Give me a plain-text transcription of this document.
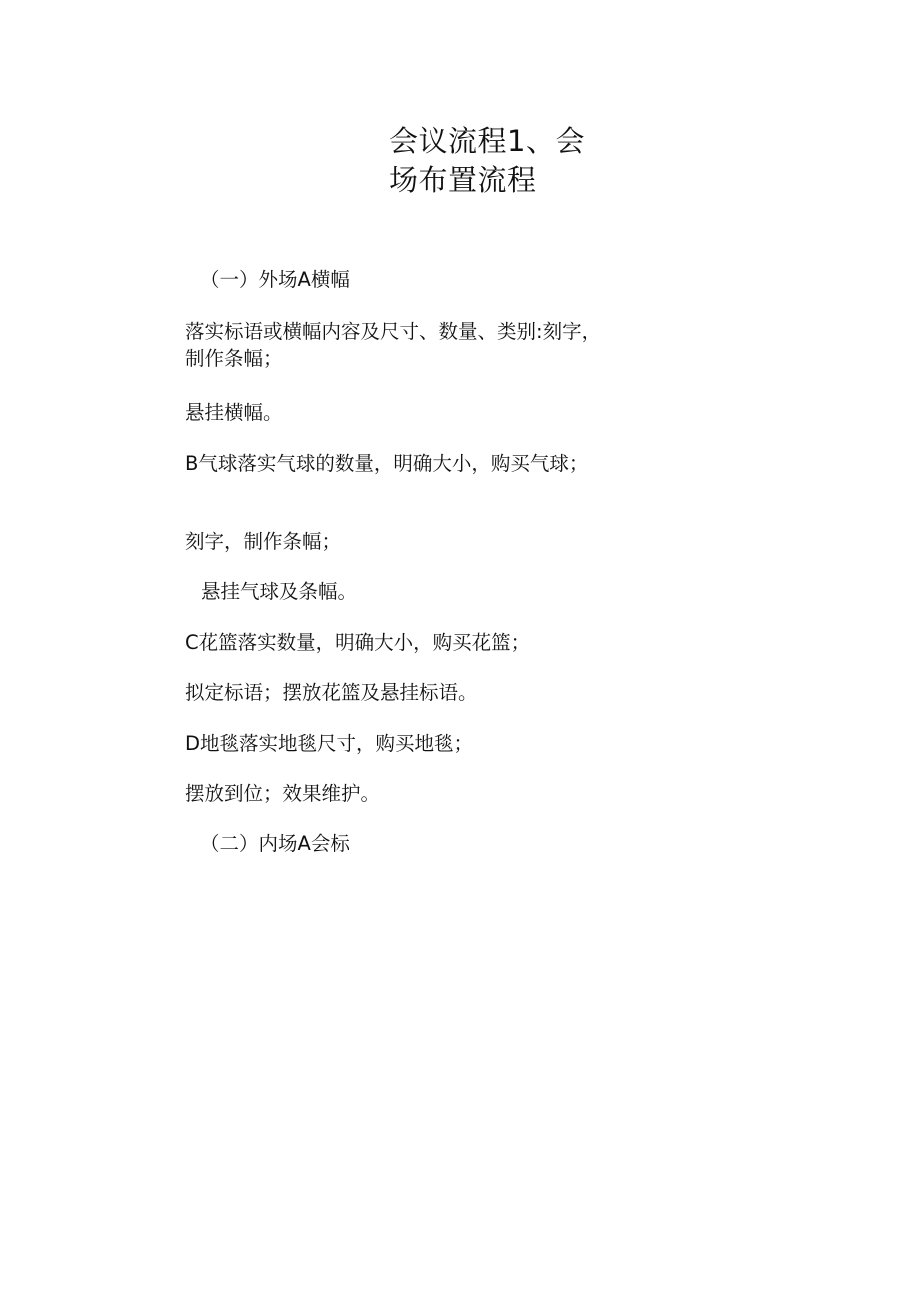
会议流程1、会
场布置流程

（一）外场A横幅

落实标语或横幅内容及尺寸、数量、类别:刻字，制作条幅；

悬挂横幅。

B气球落实气球的数量，明确大小，购买气球；

刻字，制作条幅；

悬挂气球及条幅。

C花篮落实数量，明确大小，购买花篮；

拟定标语；摆放花篮及悬挂标语。

D地毯落实地毯尺寸，购买地毯；

摆放到位；效果维护。

（二）内场A会标
